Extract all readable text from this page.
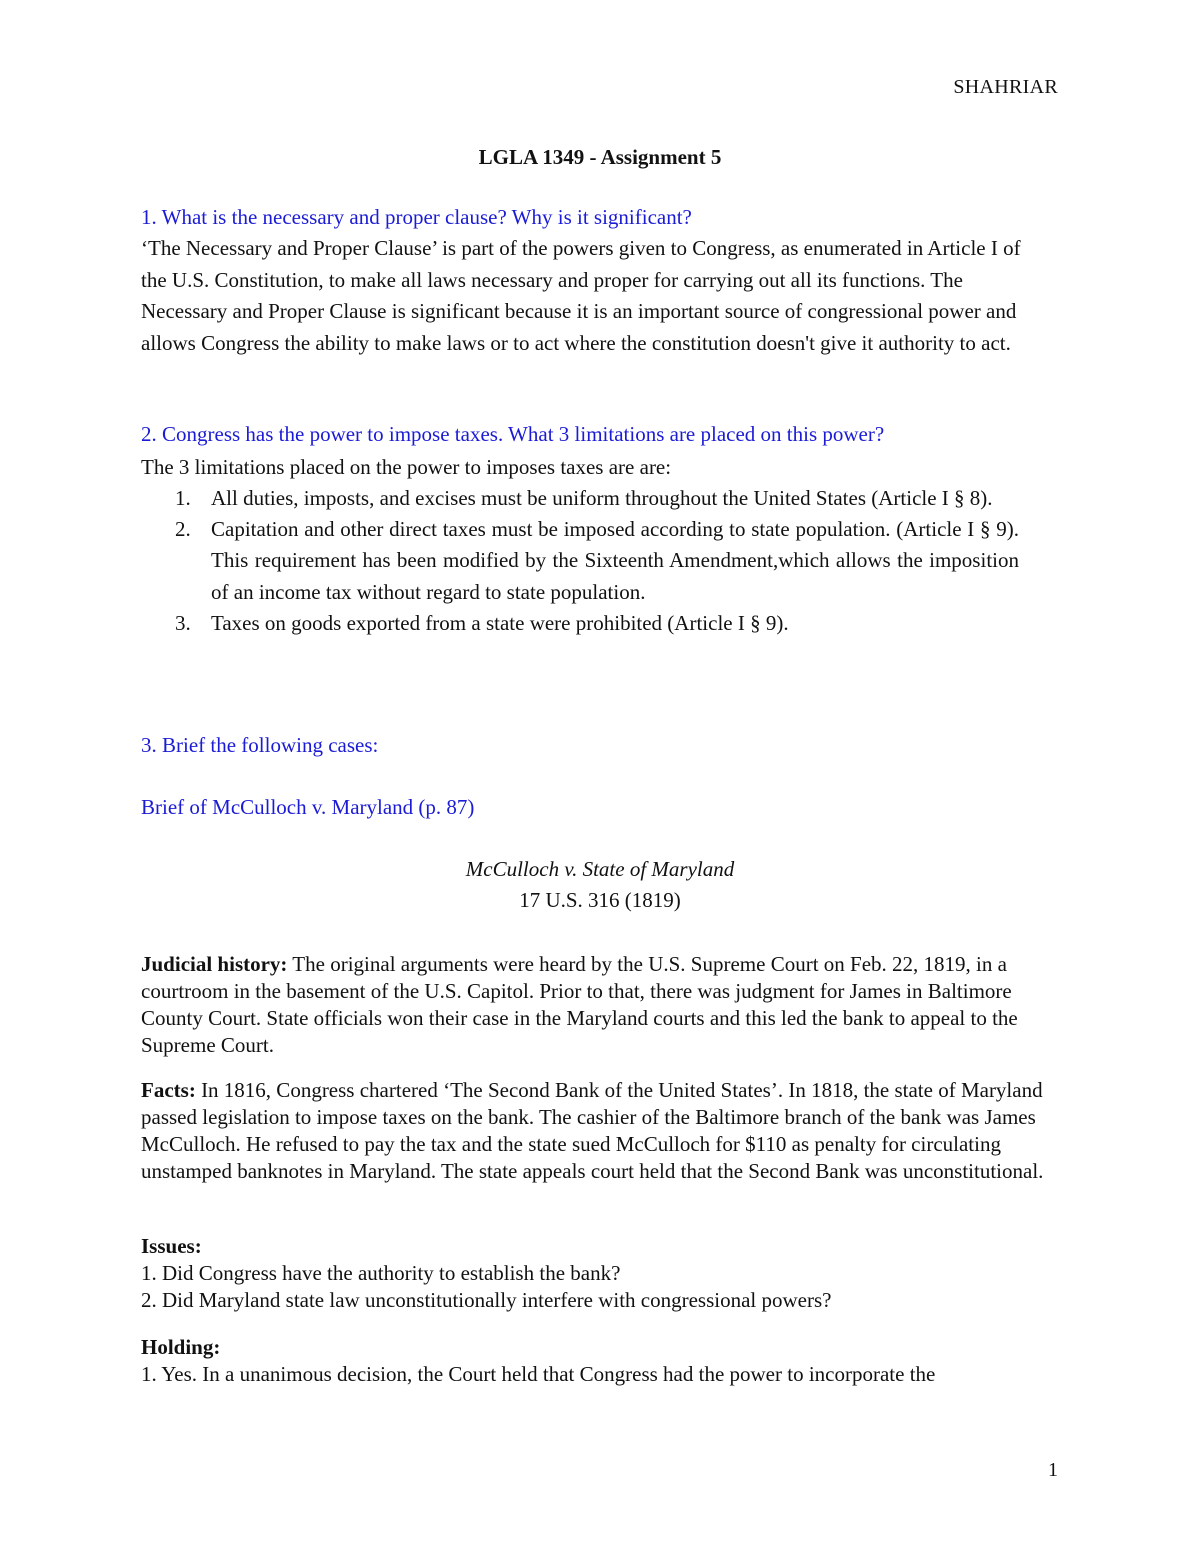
SHAHRIAR
LGLA 1349 - Assignment 5
1. What is the necessary and proper clause? Why is it significant?
‘The Necessary and Proper Clause’ is part of the powers given to Congress, as enumerated in Article I of the U.S. Constitution, to make all laws necessary and proper for carrying out all its functions. The Necessary and Proper Clause is significant because it is an important source of congressional power and allows Congress the ability to make laws or to act where the constitution doesn't give it authority to act.
2. Congress has the power to impose taxes. What 3 limitations are placed on this power?
The 3 limitations placed on the power to imposes taxes are are:
1. All duties, imposts, and excises must be uniform throughout the United States (Article I § 8).
2. Capitation and other direct taxes must be imposed according to state population. (Article I § 9). This requirement has been modified by the Sixteenth Amendment,which allows the imposition of an income tax without regard to state population.
3. Taxes on goods exported from a state were prohibited (Article I § 9).
3. Brief the following cases:
Brief of McCulloch v. Maryland (p. 87)
McCulloch v. State of Maryland
17 U.S. 316 (1819)
Judicial history: The original arguments were heard by the U.S. Supreme Court on Feb. 22, 1819, in a courtroom in the basement of the U.S. Capitol. Prior to that, there was judgment for James in Baltimore County Court. State officials won their case in the Maryland courts and this led the bank to appeal to the Supreme Court.
Facts: In 1816, Congress chartered ‘The Second Bank of the United States’. In 1818, the state of Maryland passed legislation to impose taxes on the bank. The cashier of the Baltimore branch of the bank was James McCulloch. He refused to pay the tax and the state sued McCulloch for $110 as penalty for circulating unstamped banknotes in Maryland. The state appeals court held that the Second Bank was unconstitutional.
Issues:
1. Did Congress have the authority to establish the bank?
2. Did Maryland state law unconstitutionally interfere with congressional powers?
Holding:
1. Yes. In a unanimous decision, the Court held that Congress had the power to incorporate the
1
